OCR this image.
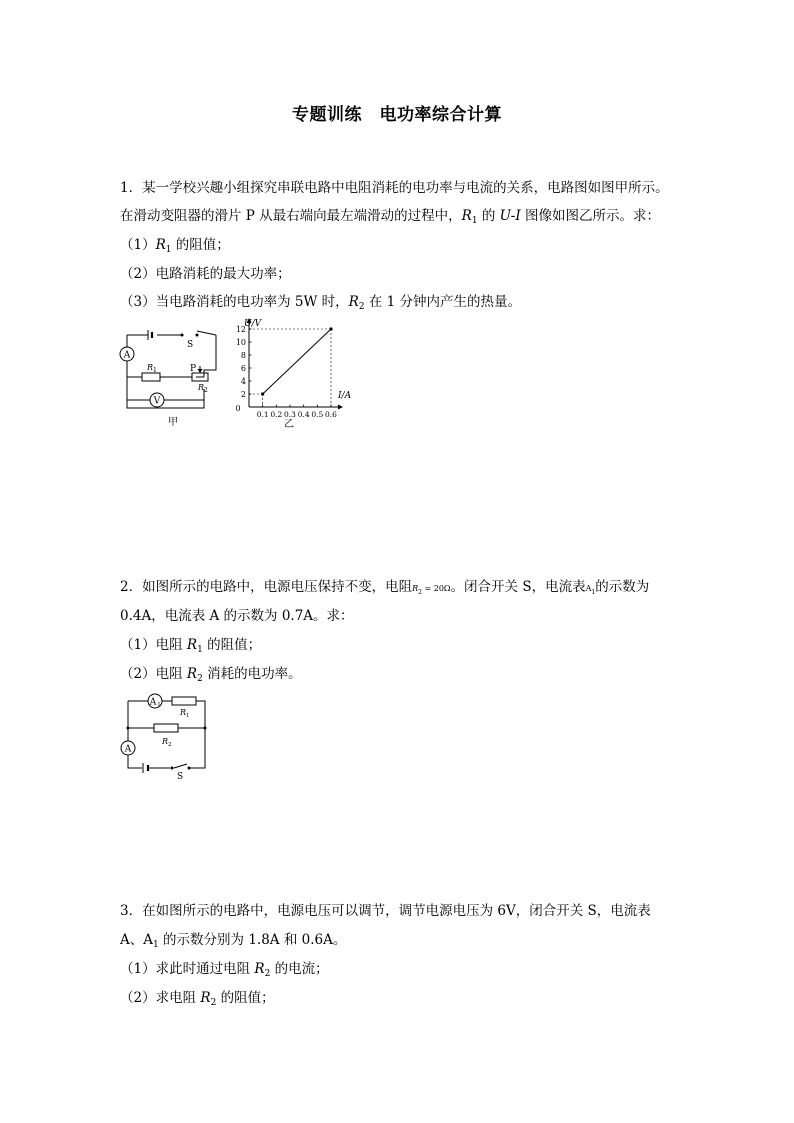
专题训练　电功率综合计算
1．某一学校兴趣小组探究串联电路中电阻消耗的电功率与电流的关系，电路图如图甲所示。
在滑动变阻器的滑片 P 从最右端向最左端滑动的过程中，$R_1$ 的 U-I 图像如图乙所示。求：
$(1)R_1$ 的阻值；
（2）电路消耗的最大功率；
（3）当电路消耗的电功率为 5W 时，$R_2$ 在 1 分钟内产生的热量。
A
V
S
P
R 1
R 2
甲
2
4
6
8
10
12
0.1 0.2 0.3 0.4 0.5 0.6
U/V
I/A
0
乙
2．如图所示的电路中，电源电压保持不变，电阻$R_2 = 20\Omega$。闭合开关 S，电流表$A_1$的示数为
0.4A，电流表 A 的示数为 0.7A。求：
（1）电阻 $R_1$ 的阻值；
（2）电阻 $R_2$ 消耗的电功率。
A 1
A
R 1
R 2
S
3．在如图所示的电路中，电源电压可以调节，调节电源电压为 6V，闭合开关 S，电流表
A、$A_1$ 的示数分别为 1.8A 和 0.6A。
（1）求此时通过电阻 $R_2$ 的电流；
（2）求电阻 $R_2$ 的阻值；
